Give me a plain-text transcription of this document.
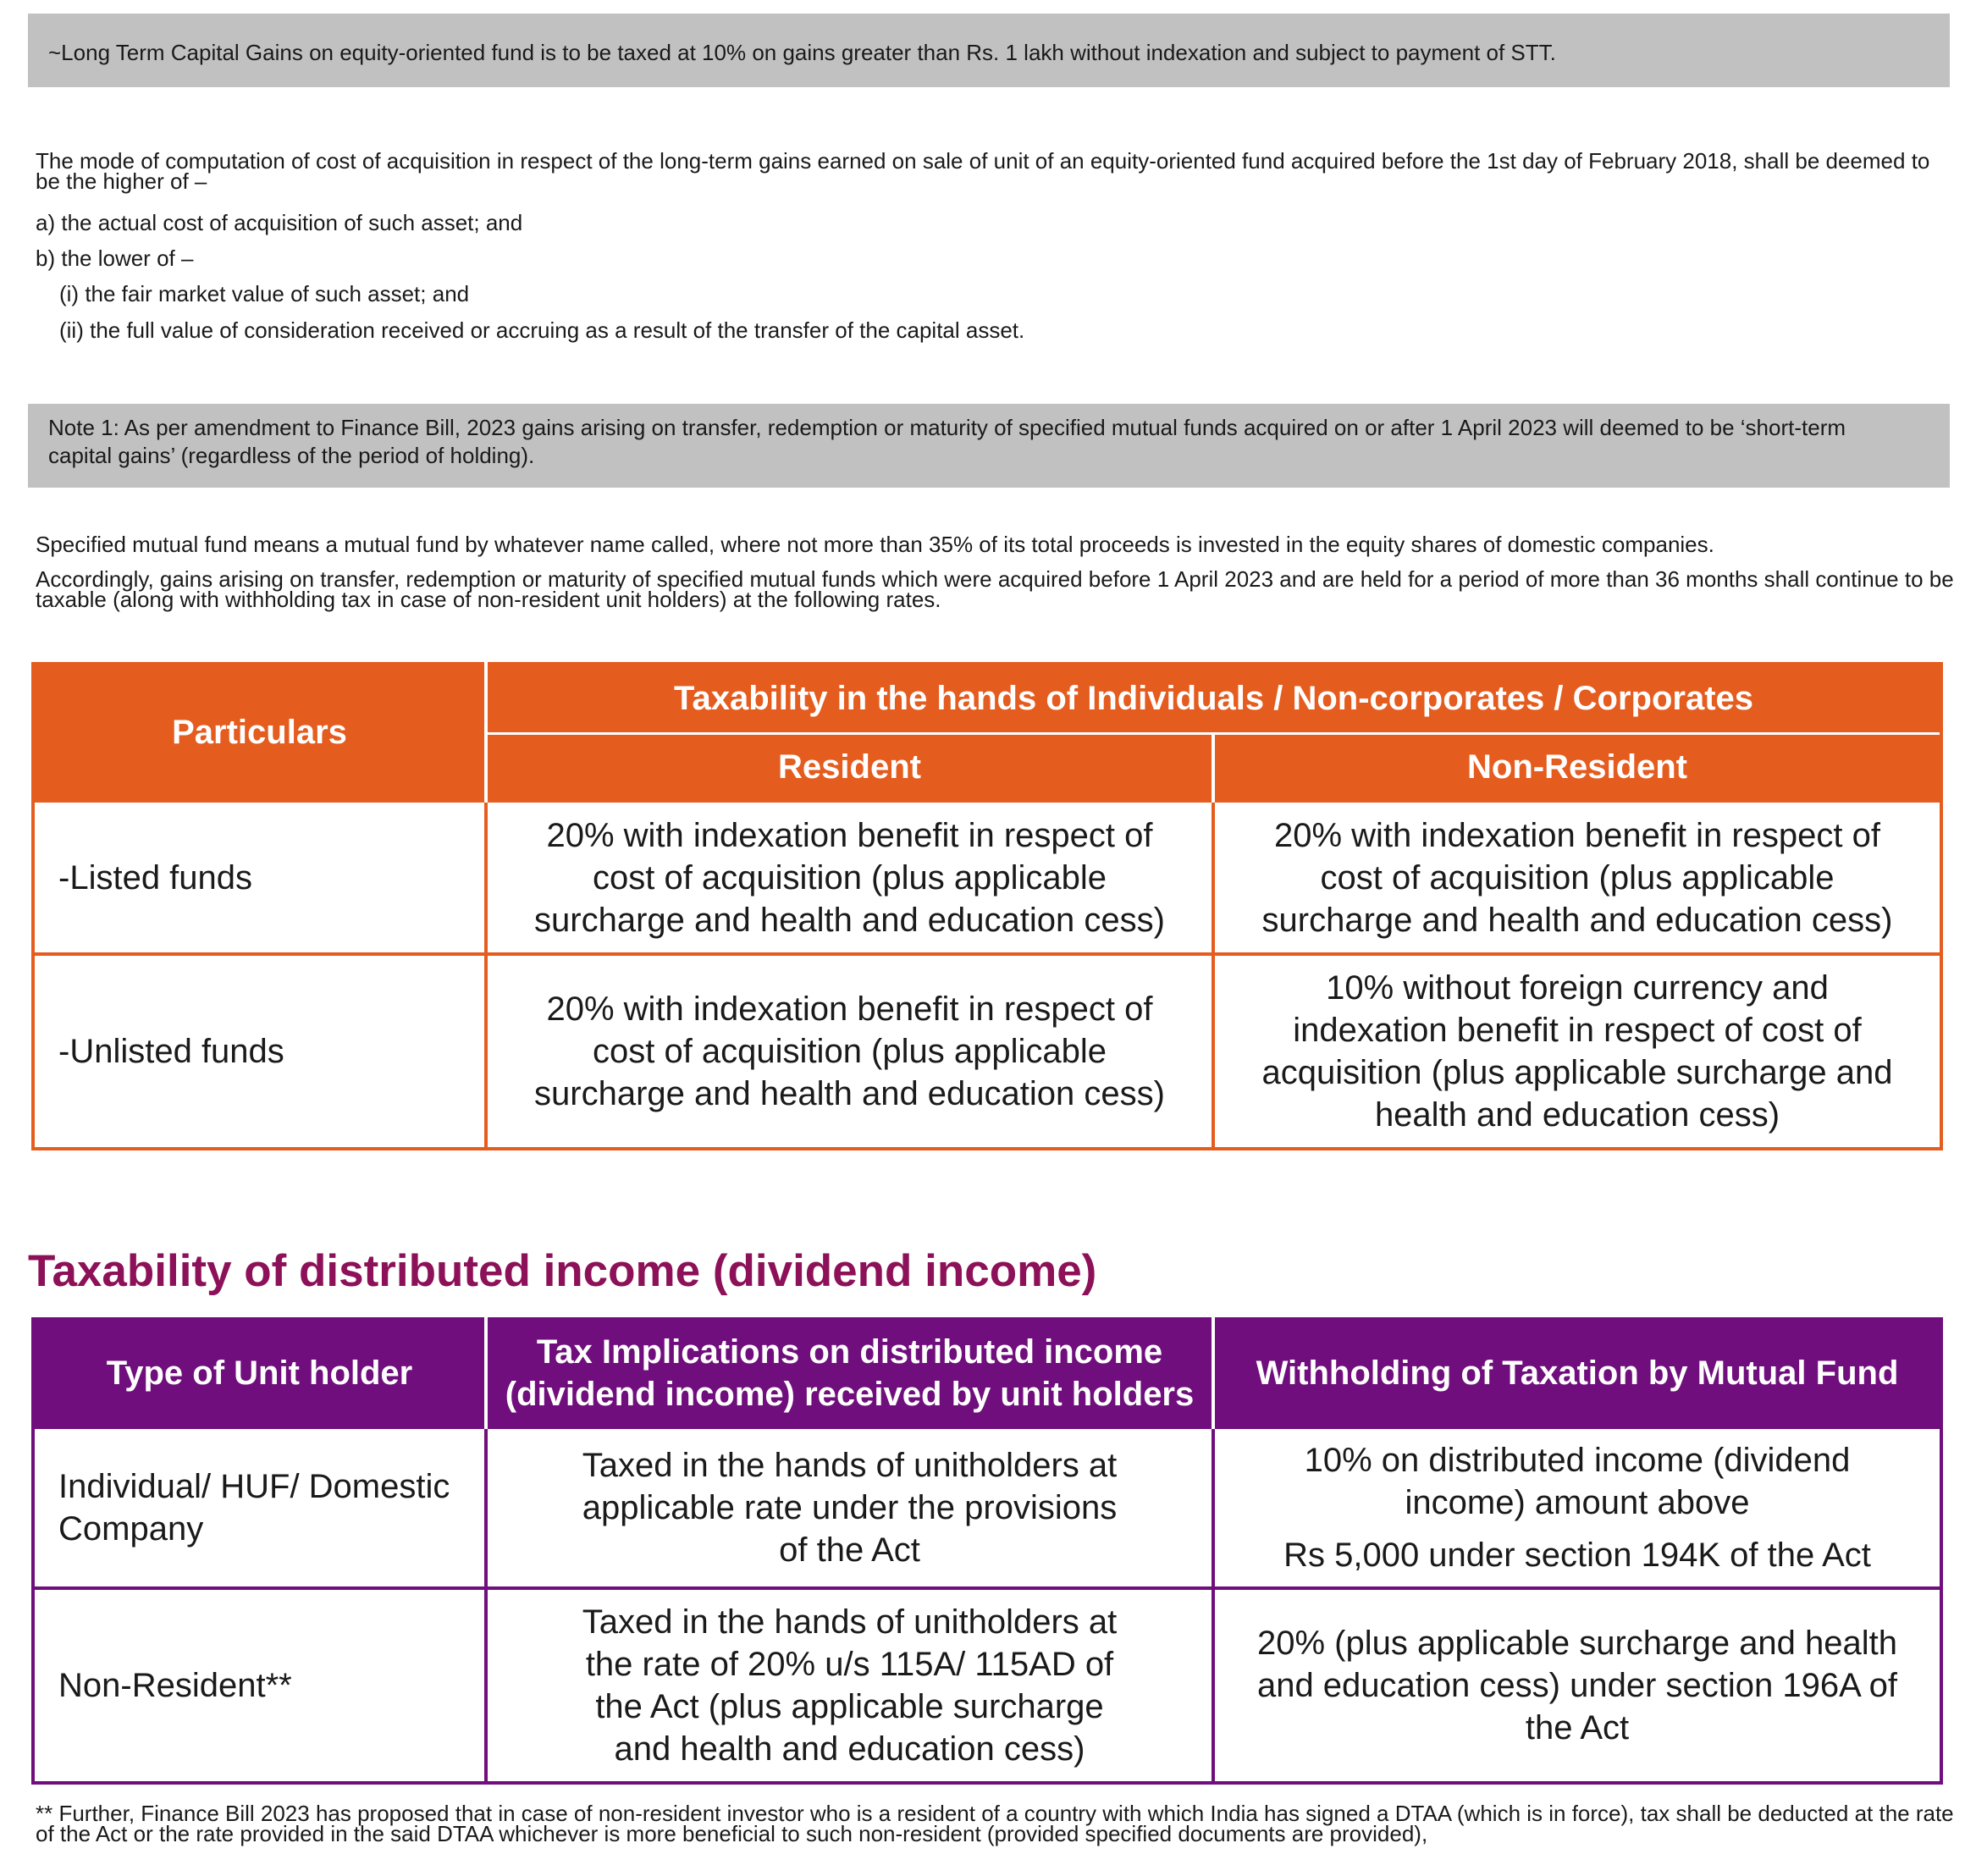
~Long Term Capital Gains on equity-oriented fund is to be taxed at 10% on gains greater than Rs. 1 lakh without indexation and subject to payment of STT.

The mode of computation of cost of acquisition in respect of the long-term gains earned on sale of unit of an equity-oriented fund acquired before the 1st day of February 2018, shall be deemed to be the higher of –

a) the actual cost of acquisition of such asset; and
b) the lower of –
(i) the fair market value of such asset; and
(ii) the full value of consideration received or accruing as a result of the transfer of the capital asset.
Note 1: As per amendment to Finance Bill, 2023 gains arising on transfer, redemption or maturity of specified mutual funds acquired on or after 1 April 2023 will deemed to be ‘short-term capital gains’ (regardless of the period of holding).
Specified mutual fund means a mutual fund by whatever name called, where not more than 35% of its total proceeds is invested in the equity shares of domestic companies.

Accordingly, gains arising on transfer, redemption or maturity of specified mutual funds which were acquired before 1 April 2023 and are held for a period of more than 36 months shall continue to be taxable (along with withholding tax in case of non-resident unit holders) at the following rates.

Particulars	Taxability in the hands of Individuals / Non-corporates / Corporates	
	Resident	Non-Resident
-Listed funds	20% with indexation benefit in respect of cost of acquisition (plus applicable surcharge and health and education cess)	20% with indexation benefit in respect of cost of acquisition (plus applicable surcharge and health and education cess)
-Unlisted funds	20% with indexation benefit in respect of cost of acquisition (plus applicable surcharge and health and education cess)	10% without foreign currency and indexation benefit in respect of cost of acquisition (plus applicable surcharge and health and education cess)
Taxability of distributed income (dividend income)
Type of Unit holder	Tax Implications on distributed income (dividend income) received by unit holders	Withholding of Taxation by Mutual Fund
Individual/ HUF/ Domestic Company	Taxed in the hands of unitholders at applicable rate under the provisions of the Act	10% on distributed income (dividend income) amount above
Rs 5,000 under section 194K of the Act

Non-Resident**	Taxed in the hands of unitholders at the rate of 20% u/s 115A/ 115AD of the Act (plus applicable surcharge and health and education cess)	20% (plus applicable surcharge and health and education cess) under section 196A of the Act

** Further, Finance Bill 2023 has proposed that in case of non-resident investor who is a resident of a country with which India has signed a DTAA (which is in force), tax shall be deducted at the rate of the Act or the rate provided in the said DTAA whichever is more beneficial to such non-resident (provided specified documents are provided),
